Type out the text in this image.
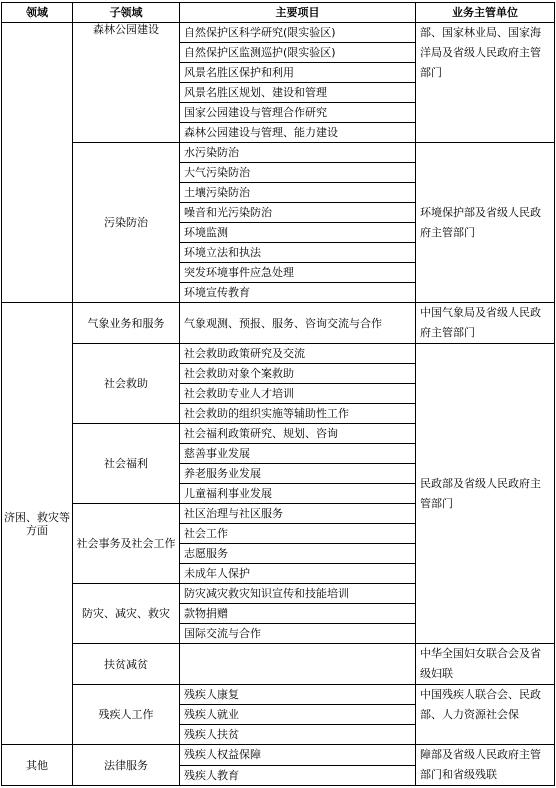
领域	子领域	主要项目	业务主管单位
	森林公园建设	自然保护区科学研究(限实验区)	部、国家林业局、国家海洋局及省级人民政府主管部门

		自然保护区监测巡护(限实验区)	
		风景名胜区保护和利用	
		风景名胜区规划、建设和管理	
		国家公园建设与管理合作研究	
		森林公园建设与管理、能力建设	
	污染防治	水污染防治	环境保护部及省级人民政府主管部门

		大气污染防治	
		土壤污染防治	
		噪音和光污染防治	
		环境监测	
		环境立法和执法	
		突发环境事件应急处理	
		环境宣传教育	
济困、救灾等 方面	气象业务和服务	气象观测、预报、服务、咨询交流与合作	中国气象局及省级人民政府主管部门

	社会救助	社会救助政策研究及交流	民政部及省级人民政府主管部门

		社会救助对象个案救助	
		社会救助专业人才培训	
		社会救助的组织实施等辅助性工作	
	社会福利	社会福利政策研究、规划、咨询	
		慈善事业发展	
		养老服务业发展	
		儿童福利事业发展	
	社会事务及社会工作	社区治理与社区服务	
		社会工作	
		志愿服务	
		未成年人保护	
	防灾、减灾、救灾	防灾减灾救灾知识宣传和技能培训	
		款物捐赠	
		国际交流与合作	
	扶贫减贫		中华全国妇女联合会及省级妇联

	残疾人工作	残疾人康复	中国残疾人联合会、民政部、人力资源社会保

		残疾人就业	
		残疾人扶贫	
其他	法律服务	残疾人权益保障	障部及省级人民政府主管部门和省级残联

		残疾人教育	
